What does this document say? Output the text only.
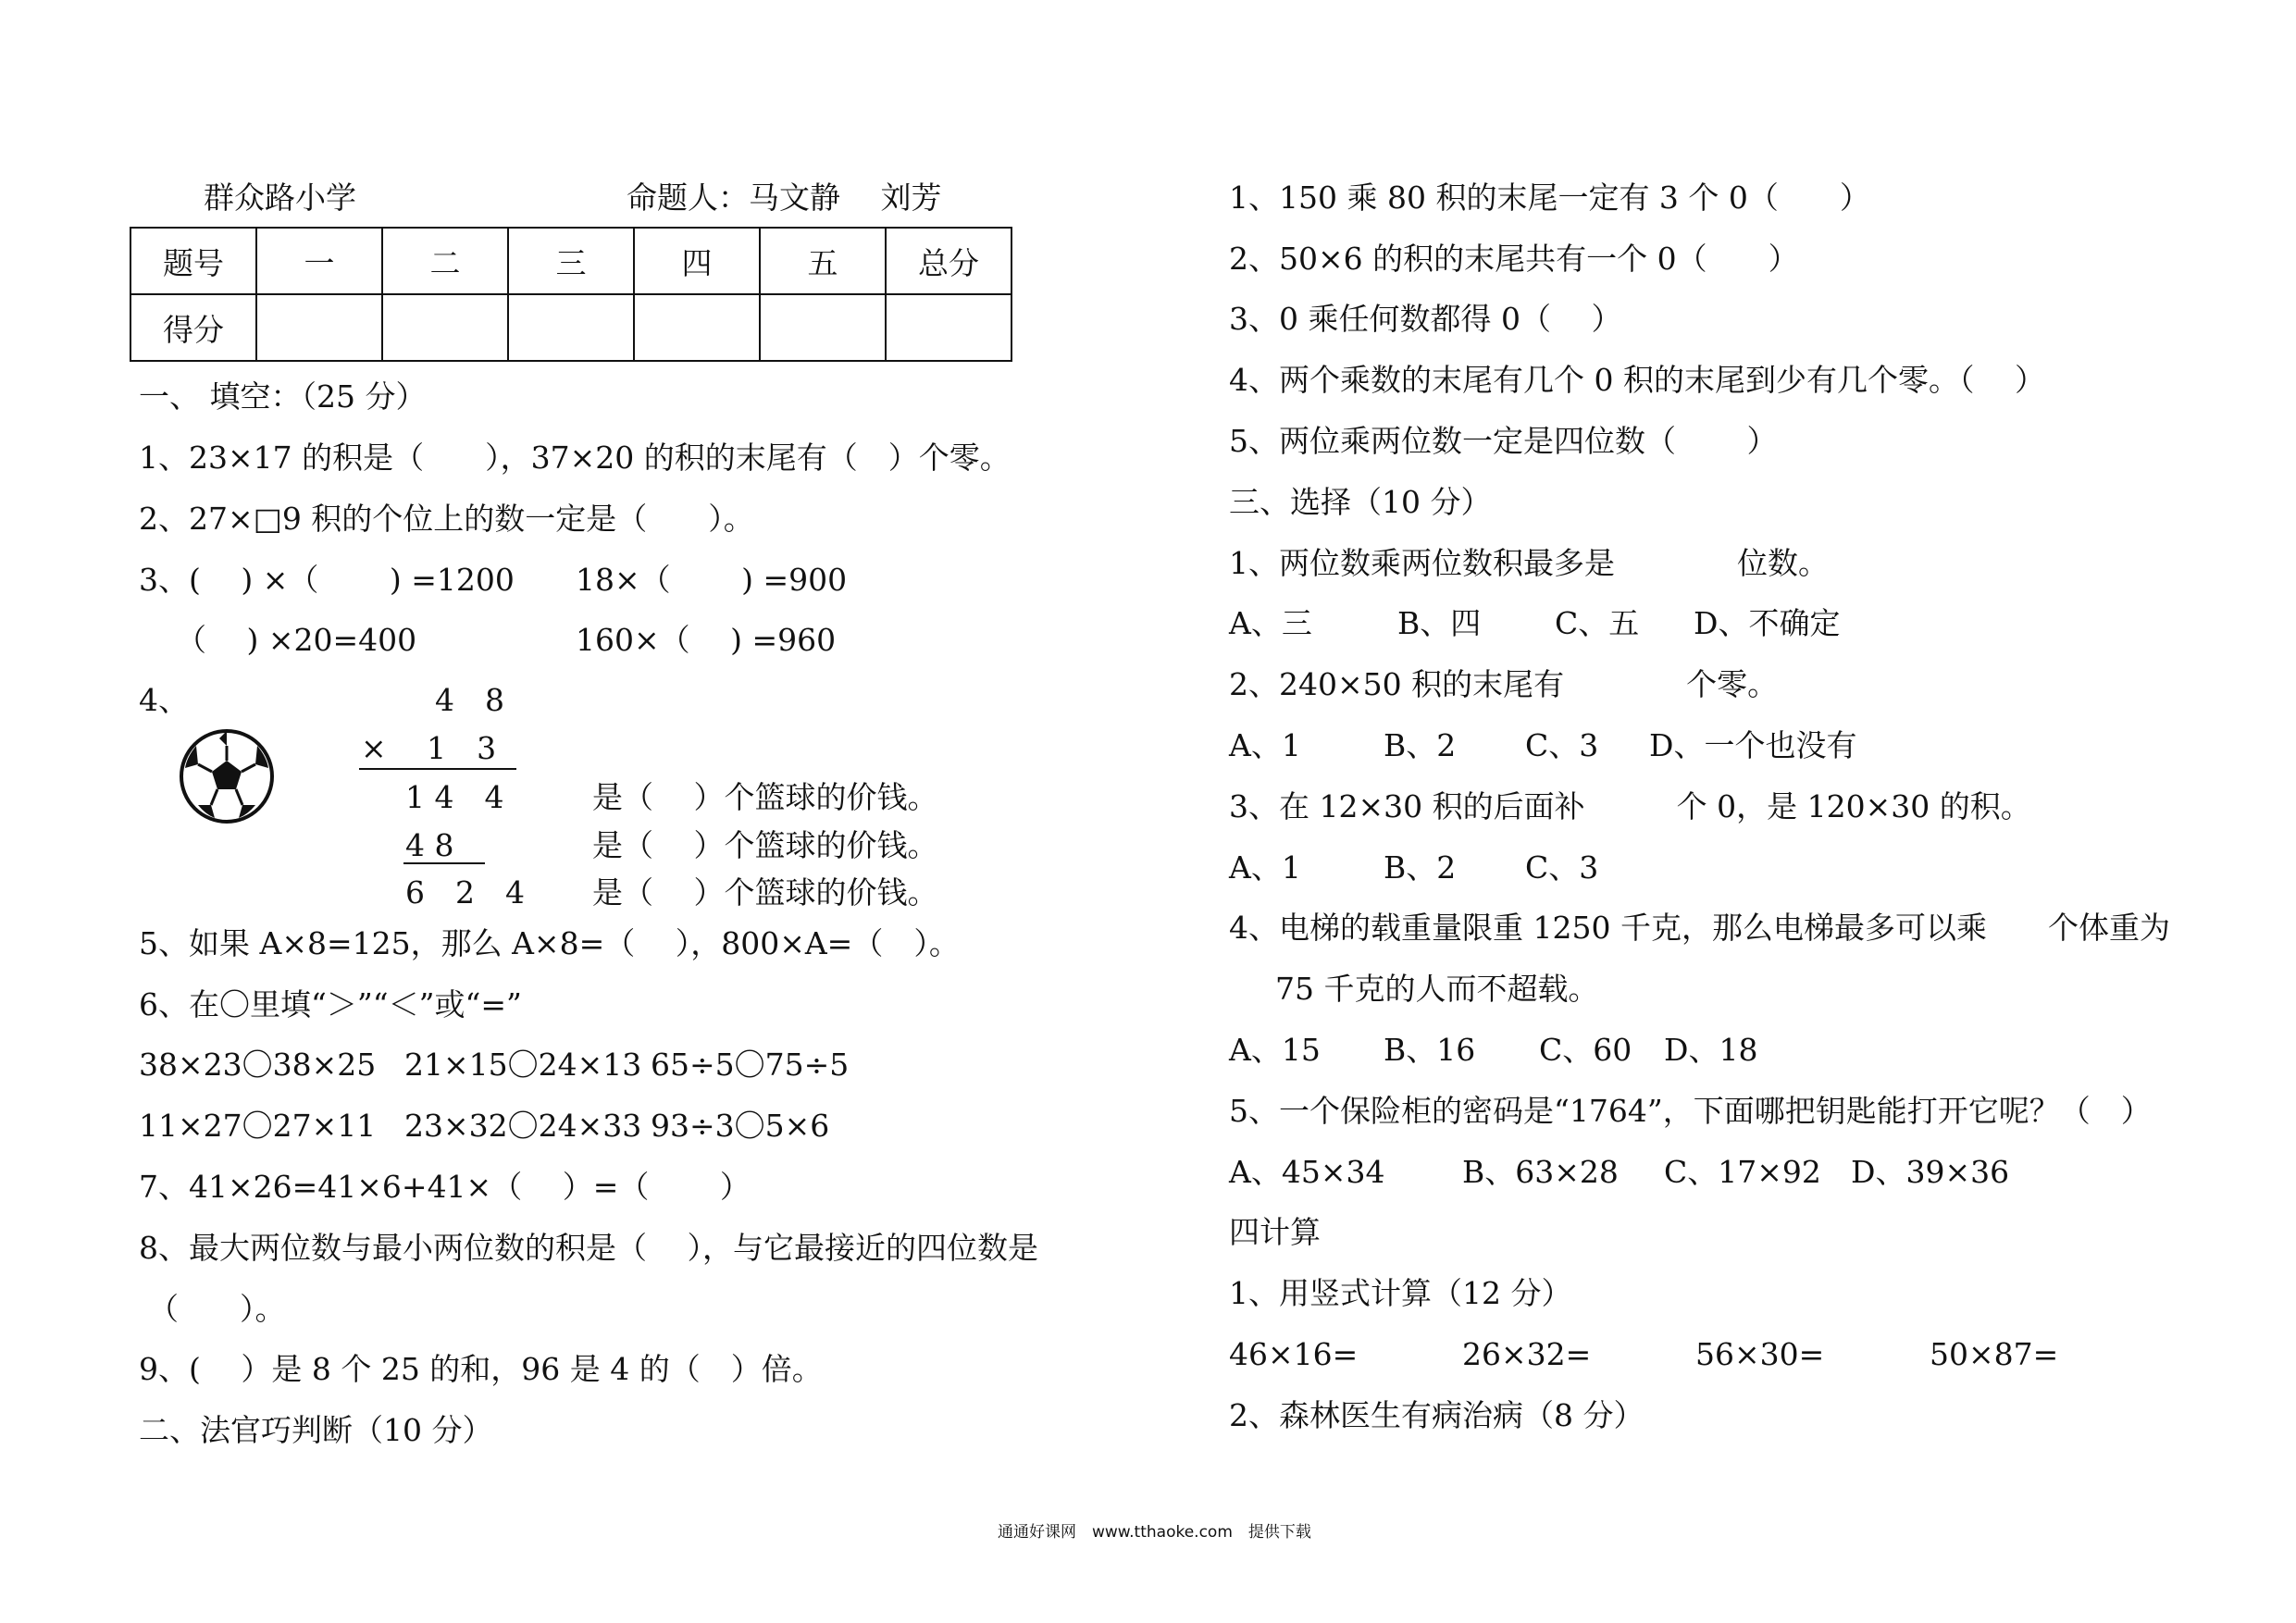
群众路小学	命题人：马文静　 刘芳
题号	一	二	三	四	五	总分
得分						
一、 填空：（25 分）
1、23×17 的积是（　　），37×20 的积的末尾有（　）个零。
2、27×□9 积的个位上的数一定是（　　）。
3、(　 ) ×（　　 ) =1200 18×（　　 ) =900
（　 ) ×20=400	160×（　 ) =960
4、	4　8
×　 1　3
1 4　4
4 8
6　2　4
是（　 ）个篮球的价钱。
是（　 ）个篮球的价钱。
是（　 ）个篮球的价钱。
5、如果 A×8=125，那么 A×8=（　 ），800×A=（　）。
6、在〇里填“＞”“＜”或“=”
38×23〇38×25 21×15〇24×13 65÷5〇75÷5
11×27〇27×11 23×32〇24×33 93÷3〇5×6
7、41×26=41×6+41×（　 ）=（　　 ）
8、最大两位数与最小两位数的积是（　 ），与它最接近的四位数是
（　　）。
9、(　 ）是 8 个 25 的和，96 是 4 的（　）倍。
二、法官巧判断（10 分）
1、150 乘 80 积的末尾一定有 3 个 0（　　）
2、50×6 的积的末尾共有一个 0（　　）
3、0 乘任何数都得 0（　 ）
4、两个乘数的末尾有几个 0 积的末尾到少有几个零。（　 ）
5、两位乘两位数一定是四位数（　　 ）
三、选择（10 分）
1、两位数乘两位数积最多是　　　　位数。
A、三	B、四 C、五 D、不确定
2、240×50 积的末尾有　　　　个零。
A、1	B、2 C、3 D、一个也没有
3、在 12×30 积的后面补　　　个 0，是 120×30 的积。
A、1	B、2 C、3
4、电梯的载重量限重 1250 千克，那么电梯最多可以乘　　个体重为
75 千克的人而不超载。
A、15 B、16 C、60 D、18
5、一个保险柜的密码是“1764”，下面哪把钥匙能打开它呢？（　）
A、45×34	B、63×28 C、17×92 D、39×36
四计算
1、用竖式计算（12 分）
46×16=	26×32=	56×30=	50×87=
2、森林医生有病治病（8 分）
通通好课网　www.tthaoke.com　提供下载
